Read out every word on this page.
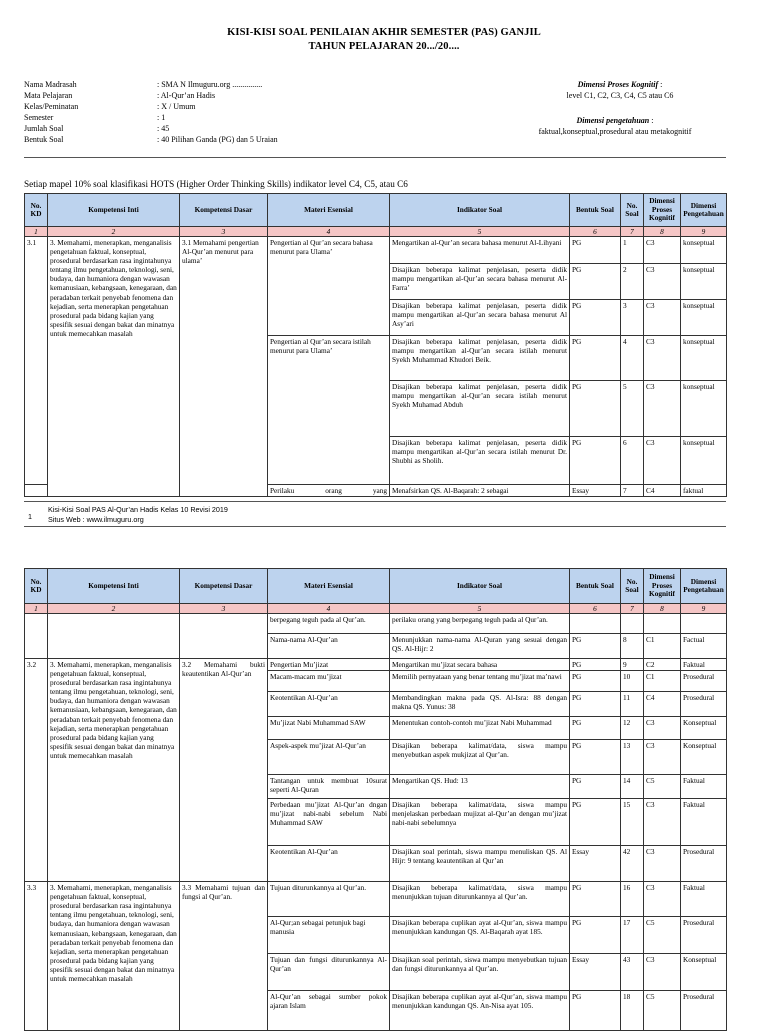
KISI-KISI SOAL PENILAIAN AKHIR SEMESTER (PAS) GANJIL
TAHUN PELAJARAN 20.../20....
Nama Madrasah	: SMA N Ilmuguru.org ...............
Mata Pelajaran	: Al-Qur’an Hadis
Kelas/Peminatan	: X / Umum
Semester	: 1
Jumlah Soal	: 45
Bentuk Soal	: 40 Pilihan Ganda (PG) dan 5 Uraian
Dimensi Proses Kognitif :
level C1, C2, C3, C4, C5 atau C6
Dimensi pengetahuan :
faktual,konseptual,prosedural atau metakognitif
Setiap mapel 10% soal klasifikasi HOTS (Higher Order Thinking Skills) indikator level C4, C5, atau C6
No. KD	Kompetensi Inti	Kompetensi Dasar	Materi Esensial	Indikator Soal	Bentuk Soal	No. Soal	Dimensi Proses Kognitif	Dimensi Pengetahuan
1	2	3	4	5	6	7	8	9
3.1	3. Memahami, menerapkan, menganalisis pengetahuan faktual, konseptual, prosedural berdasarkan rasa ingintahunya tentang ilmu pengetahuan, teknologi, seni, budaya, dan humaniora dengan wawasan kemanusiaan, kebangsaan, kenegaraan, dan peradaban terkait penyebab fenomena dan kejadian, serta menerapkan pengetahuan prosedural pada bidang kajian yang spesifik sesuai dengan bakat dan minatnya untuk memecahkan masalah	3.1 Memahami pengertian Al-Qur’an menurut para ulama’	Pengertian al Qur’an secara bahasa menurut para Ulama’	Mengartikan al-Qur’an secara bahasa menurut Al-Lihyani	PG	1	C3	konseptual
				Disajikan beberapa kalimat penjelasan, peserta didik mampu mengartikan al-Qur’an secara bahasa menurut Al-Farra’	PG	2	C3	konseptual
				Disajikan beberapa kalimat penjelasan, peserta didik mampu mengartikan al-Qur’an secara bahasa menurut Al Asy’ari	PG	3	C3	konseptual
			Pengertian al Qur’an secara istilah menurut para Ulama’	Disajikan beberapa kalimat penjelasan, peserta didik mampu mengartikan al-Qur’an secara istilah menurut Syekh Muhammad Khudori Beik.	PG	4	C3	konseptual
				Disajikan beberapa kalimat penjelasan, peserta didik mampu mengartikan al-Qur’an secara istilah menurut Syekh Muhamad Abduh	PG	5	C3	konseptual
				Disajikan beberapa kalimat penjelasan, peserta didik mampu mengartikan al-Qur’an secara istilah menurut Dr. Shubhi as Sholih.	PG	6	C3	konseptual
			Perilaku orang yang	Menafsirkan QS. Al-Baqarah: 2 sebagai	Essay	7	C4	faktual
1
Kisi-Kisi Soal PAS Al-Qur’an Hadis Kelas 10 Revisi 2019
Situs Web : www.ilmuguru.org
No. KD	Kompetensi Inti	Kompetensi Dasar	Materi Esensial	Indikator Soal	Bentuk Soal	No. Soal	Dimensi Proses Kognitif	Dimensi Pengetahuan
1	2	3	4	5	6	7	8	9
			berpegang teguh pada al Qur’an.	perilaku orang yang berpegang teguh pada al Qur’an.				
			Nama-nama Al-Qur’an	Menunjukkan nama-nama Al-Quran yang sesuai dengan QS. Al-Hijr: 2	PG	8	C1	Factual
3.2	3. Memahami, menerapkan, menganalisis pengetahuan faktual, konseptual, prosedural berdasarkan rasa ingintahunya tentang ilmu pengetahuan, teknologi, seni, budaya, dan humaniora dengan wawasan kemanusiaan, kebangsaan, kenegaraan, dan peradaban terkait penyebab fenomena dan kejadian, serta menerapkan pengetahuan prosedural pada bidang kajian yang spesifik sesuai dengan bakat dan minatnya untuk memecahkan masalah	3.2 Memahami bukti keautentikan Al-Qur’an	Pengertian Mu’jizat	Mengartikan mu’jizat secara bahasa	PG	9	C2	Faktual
			Macam-macam mu’jizat	Memilih pernyataan yang benar tentang mu’jizat ma’nawi	PG	10	C1	Prosedural
			Keotentikan Al-Qur’an	Membandingkan makna pada QS. Al-Isra: 88 dengan makna QS. Yunus: 38	PG	11	C4	Prosedural
			Mu’jizat Nabi Muhammad SAW	Menentukan contoh-contoh mu’jizat Nabi Muhammad	PG	12	C3	Konseptual
			Aspek-aspek mu’jizat Al-Qur’an	Disajikan beberapa kalimat/data, siswa mampu menyebutkan aspek mukjizat al Qur’an.	PG	13	C3	Konseptual
			Tantangan untuk membuat 10surat seperti Al-Quran	Mengartikan QS. Hud: 13	PG	14	C5	Faktual
			Perbedaan mu’jizat Al-Qur’an dngan mu’jizat nabi-nabi sebelum Nabi Muhammad SAW	Disajikan beberapa kalimat/data, siswa mampu menjelaskan perbedaan mujizat al-Qur’an dengan mu’jizat nabi-nabi sebelumnya	PG	15	C3	Faktual
			Keotentikan Al-Qur’an	Disajikan soal perintah, siswa mampu menuliskan QS. Al Hijr: 9 tentang keautentikan al Qur’an	Essay	42	C3	Prosedural
3.3	3. Memahami, menerapkan, menganalisis pengetahuan faktual, konseptual, prosedural berdasarkan rasa ingintahunya tentang ilmu pengetahuan, teknologi, seni, budaya, dan humaniora dengan wawasan kemanusiaan, kebangsaan, kenegaraan, dan peradaban terkait penyebab fenomena dan kejadian, serta menerapkan pengetahuan prosedural pada bidang kajian yang spesifik sesuai dengan bakat dan minatnya untuk memecahkan masalah	3.3 Memahami tujuan dan fungsi al Qur’an.	Tujuan diturunkannya al Qur’an.	Disajikan beberapa kalimat/data, siswa mampu menunjukkan tujuan diturunkannya al Qur’an.	PG	16	C3	Faktual
			Al-Qur;an sebagai petunjuk bagi manusia	Disajikan beberapa cuplikan ayat al-Qur’an, siswa mampu menunjukkan kandungan QS. Al-Baqarah ayat 185.	PG	17	C5	Prosedural
			Tujuan dan fungsi diturunkannya Al-Qur’an	Disajikan soal perintah, siswa mampu menyebutkan tujuan dan fungsi diturunkannya al Qur’an.	Essay	43	C3	Konseptual
			Al-Qur’an sebagai sumber pokok ajaran Islam	Disajikan beberapa cuplikan ayat al-Qur’an, siswa mampu menunjukkan kandungan QS. An-Nisa ayat 105.	PG	18	C5	Prosedural
